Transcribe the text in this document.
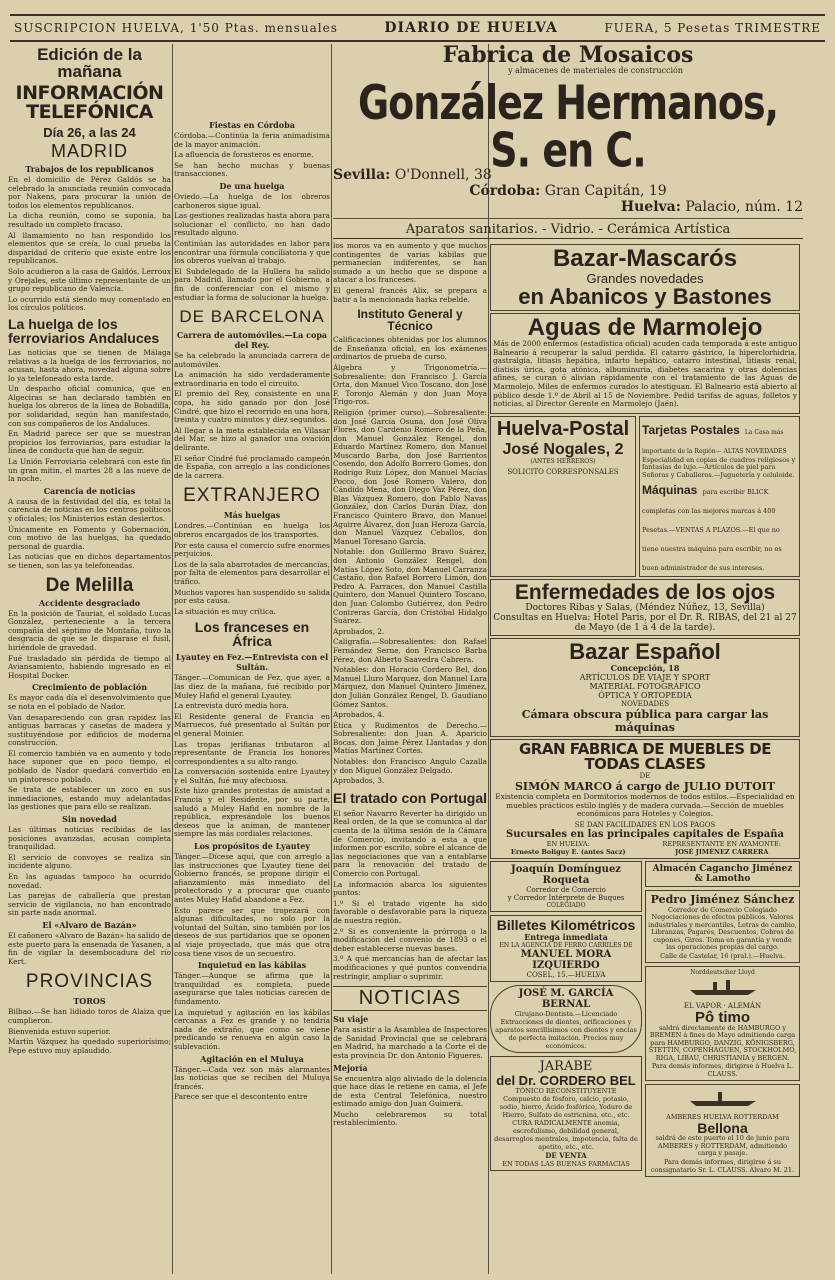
SUSCRIPCION HUELVA, 1'50 Ptas. mensuales	DIARIO DE HUELVA	FUERA, 5 Pesetas TRIMESTRE
Edición de la mañana
INFORMACIÓN TELEFÓNICA
Día 26, a las 24
MADRID
Trabajos de los republicanos

En el domicilio de Pérez Galdós se ha celebrado la anunciada reunión convocada por Nakens, para procurar la unión de todos los elementos republicanos.

La dicha reunión, como se suponía, ha resultado un completo fracaso.

Al llamamiento no han respondido los elementos que se creía, lo cual prueba la disparidad de criterio que existe entre los republicanos.

Solo acudieron a la casa de Galdós, Lerroux y Orejales, este último representante de un grupo republicano de Valencia.

Lo ocurrido está siendo muy comentado en los círculos políticos.

La huelga de los ferroviarios Andaluces

Las noticias que se tienen de Málaga relativas a la huelga de los ferroviarios, no acusan, hasta ahora, novedad alguna sobre lo ya telefoneado esta tarde.

Un despacho oficial comunica, que en Algeciras se han declarado también en huelga los obreros de la línea de Bobadilla, por solidaridad, según han manifestado, con sus compañeros de los Andaluces.

En Madrid parece ser que se muestran propicios los ferroviarios, para estudiar la línea de conducta que han de seguir.

La Unión Ferroviaria celebrará con este fin un gran mitin, el martes 28 a las nueve de la noche.

Carencia de noticias

A causa de la festividad del día, es total la carencia de noticias en los centros políticos y oficiales; los Ministerios están desiertos.

Únicamente en Fomento y Gobernación, con motivo de las huelgas, ha quedado personal de guardia.

Las noticias que en dichos departamentos se tienen, son las ya telefoneadas.

De Melilla
Accidente desgraciado

En la posición de Tauriat, el soldado Lucas González, perteneciente a la tercera compañía del séptimo de Montaña, tuvo la desgracia de que se le disparase el fusil, hiriéndole de gravedad.

Fué trasladado sin pérdida de tiempo al Aviansamiento, habiendo ingresado en el Hospital Docker.

Crecimiento de población

Es mayor cada día el desenvolvimiento que se nota en el poblado de Nador.

Van desapareciendo con gran rapidez las antiguas barracas y casetas de madera y sustituyéndose por edificios de moderna construcción.

El comercio también va en aumento y todo hace suponer que en poco tiempo, el poblado de Nador quedará convertido en un pintoresco poblado.

Se trata de establecer un zoco en sus inmediaciones, estando muy adelantadas las gestiones que para ello se realizan.

Sin novedad

Las últimas noticias recibidas de las posiciones avanzadas, acusan completa tranquilidad.

El servicio de convoyes se realiza sin incidente alguno.

En las aguadas tampoco ha ocurrido novedad.

Las parejas de caballería que prestan servicio de vigilancia, no han encontrado sin parte nada anormal.

El «Alvaro de Bazán»

El cañonero «Alvaro de Bazán» ha salido de este puerto para la ensenada de Yasanen, a fin de vigilar la desembocadura del río Kert.

PROVINCIAS
TOROS

Bilbao.—Se han lidiado toros de Alaiza que cumplieron.

Bienvenida estuvo superior.

Martín Vázquez ha quedado superiorísimo; Pepe estuvo muy aplaudido.

Fiestas en Córdoba

Córdoba.—Continúa la feria animadísima de la mayor animación.

La afluencia de forasteros es enorme.

Se han hecho muchas y buenas transacciones.

De una huelga

Oviedo.—La huelga de los obreros carboneros sigue igual.

Las gestiones realizadas hasta ahora para solucionar el conflicto, no han dado resultado alguno.

Continúan las autoridades en labor para encontrar una fórmula conciliatoria y que los obreros vuelvan al trabajo.

El Subdelegado de la Hullera ha salido para Madrid, llamado por el Gobierno, a fin de conferenciar con el mismo y estudiar la forma de solucionar la huelga.

DE BARCELONA
Carrera de automóviles.—La copa del Rey.

Se ha celebrado la anunciada carrera de automóviles.

La animación ha sido verdaderamente extraordinaria en todo el circuito.

El premio del Rey, consistente en una copa, ha sido ganado por don José Cindré, que hizo el recorrido en una hora, treinta y cuatro minutos y diez segundos.

Al llegar a la meta establecida en Vilasar del Mar, se hizo al ganador una ovación delirante.

El señor Cindré fué proclamado campeón de España, con arreglo a las condiciones de la carrera.

EXTRANJERO
Más huelgas

Londres.—Continúan en huelga los obreros encargados de los transportes.

Por esta causa el comercio sufre enormes perjuicios.

Los de la sala abarrotados de mercancías, por falta de elementos para desarrollar el tráfico.

Muchos vapores han suspendido su salida por esta causa.

La situación es muy crítica.

Los franceses en África
Lyautey en Fez.—Entrevista con el Sultán.

Tánger.—Comunican de Fez, que ayer, a las diez de la mañana, fué recibido por Muley Hafid el general Lyautey.

La entrevista duró media hora.

El Residente general de Francia en Marruecos, fué presentado al Sultán por el general Moinier.

Las tropas jerifianas tributaron al representante de Francia los honores correspondientes a su alto rango.

La conversación sostenida entre Lyautey y el Sultán, fué muy afectuosa.

Este hizo grandes protestas de amistad a Francia y el Residente, por su parte, saludó a Muley Hafid en nombre de la república, expresándole los buenos deseos que la animan, de mantener siempre las más cordiales relaciones.

Los propósitos de Lyautey

Tánger.—Dícese aquí, que con arreglo a las instrucciones que Lyautey tiene del Gobierno francés, se propone dirigir el afianzamiento más inmediato del protectorado y a procurar que cuanto antes Muley Hafid abandone a Fez.

Esto parece ser que tropezará con algunas dificultades, no solo por la voluntad del Sultán, sino también por los deseos de sus partidarios que se oponen al viaje proyectado, que más que otra cosa tiene visos de un secuestro.

Inquietud en las kábilas

Tánger.—Aunque se afirma que la tranquilidad es completa, puede asegurarse que tales noticias carecen de fundamento.

La inquietud y agitación en las kábilas cercanas a Fez es grande y no tendría nada de extraño, que como se viene predicando se renueva en algún caso la sublevación.

Agitación en el Muluya

Tánger.—Cada vez son más alarmantes las noticias que se reciben del Muluya francés.

Parece ser que el descontento entre

Fabrica de Mosaicos
y almacenes de materiales de construcción
González Hermanos, S. en C.
Sevilla: O'Donnell, 38
Córdoba: Gran Capitán, 19
Huelva: Palacio, núm. 12
Aparatos sanitarios. - Vidrio. - Cerámica Artística

los moros va en aumento y que muchos contingentes de varias kábilas que permanecían indiferentes, se han sumado a un hecho que se dispone a atacar a los franceses.

El general francés Alix, se prepara a batir a la mencionada harka rebelde.

Instituto General y Técnico

Calificaciones obtenidas por los alumnos de Enseñanza oficial, en los exámenes ordinarios de prueba de curso.

Álgebra y Trigonometría.—Sobresaliente: don Francisco J. García Orta, don Manuel Vico Toscano, don José F. Toronjo Alemán y don Juan Moya Trigo-ros.

Religión (primer curso).—Sobresaliente: don José García Osuna, don José Oliva Flores, don Cardenio Romero de la Peña, don Manuel González Rengel, don Eduardo Martínez Romero, don Manuel Muscardo Barba, don José Barrientos Cosendo, don Adolfo Borrero Gomes, don Rodrigo Ruiz López, don Manuel Macías Pocco, don José Romero Valero, don Cándido Mena, don Diego Vaz Pérez, don Blas Vázquez Romero, don Pablo Navas González, don Carlos Durán Díaz, don Francisco Quintero Bravo, don Manuel Aguirre Álvarez, don Juan Heroza García, don Manuel Vázquez Ceballos, don Manuel Toresano García.

Notable: don Guillermo Bravo Suárez, don Antonio González Rengel, don Matías López Soto, don Manuel Carranza Castaño, don Rafael Borrero Limón, don Pedro A. Farraces, don Manuel Castilla Quintero, don Manuel Quintero Toscano, don Juan Colombo Gutiérrez, don Pedro Contreras García, don Cristóbal Hidalgo Suárez.

Aprobados, 2.

Caligrafía.—Sobresalientes: don Rafael Fernández Serne, don Francisco Barba Pérez, don Alberto Saavedra Cabrera.

Notables: don Horacio Cordero Bel, don Manuel Lluro Marquez, don Manuel Lara Márquez, don Manuel Quintero Jiménez, don Julián González Rengel, D. Gaudiano Gómez Santos.

Aprobados, 4.

Ética y Rudimentos de Derecho.—Sobresaliente: don Juan A. Aparicio Bocas, don Jaime Pérez Llantadas y don Matías Martínez Cortés.

Notables: don Francisco Angulo Cazalla y don Miguel González Delgado.

Aprobados, 3.

El tratado con Portugal

El señor Navarro Reverter ha dirigido un Real orden, de la que se comunica al dar cuenta de la última sesión de la Cámara de Comercio, invitando a esta a que informen por escrito, sobre el alcance de las negociaciones que van a entablarse para la renovación del tratado de Comercio con Portugal.

La información abarca los siguientes puntos:

1.º Si el tratado vigente ha sido favorable o desfavorable para la riqueza de nuestra región.

2.º Si es conveniente la prórroga o la modificación del convenio de 1893 o el deber establecerse nuevas bases.

3.º A qué mercancías han de afectar las modificaciones y qué puntos convendría restringir, ampliar o suprimir.

NOTICIAS
Su viaje

Para asistir a la Asamblea de Inspectores de Sanidad Provincial que se celebrará en Madrid, ha marchado a la Corte el de esta provincia Dr. don Antonio Figueres.

Mejoría

Se encuentra algo aliviado de la dolencia que hace días le retiene en cama, el Jefe de esta Central Telefónica, nuestro estimado amigo don Juan Guimerá.

Mucho celebraremos su total restablecimiento.

Bazar-Mascarós
Grandes novedades
en Abanicos y Bastones
Aguas de Marmolejo
Más de 2000 enfermos (estadística oficial) acuden cada temporada á este antiguo Balneario á recuperar la salud perdida. El catarro gástrico, la hiperclorhidria, gastralgia, litiasis hepática, infarto hepático, catarro intestinal, litiasis renal, diatisis úrica, gota atónica, albuminuria, diabetes sacarina y otras dolencias afines, se curan ó alivian rápidamente con el tratamiento de las Aguas de Marmolejo. Miles de enfermos curados lo atestiguan. El Balneario está abierto al público desde 1.º de Abril al 15 de Noviembre. Pedid tarifas de aguas, folletos y noticias, al Director Gerente en Marmolejo (Jaén).
Huelva-Postal
José Nogales, 2
(ANTES HERREROS)
SOLICITO CORRESPONSALES
Tarjetas Postales La Casa más importante de la Región— ALTAS NOVEDADES
Especialidad en copias de cuadros religiosos y fantasías de lujo.—Artículos de piel para Señoras y Caballeros.—Juguetería y celuloide.
Máquinas para escribir BLICK completas con las mejores marcas á 400 Pesetas.—VENTAS A PLAZOS.—El que no tiene nuestra máquina para escribir, no es buen administrador de sus intereses.
Enfermedades de los ojos
Doctores Ribas y Salas, (Méndez Núñez, 13, Sevilla)
Consultas en Huelva: Hotel Paris, por el Dr. R. RIBAS, del 21 al 27 de Mayo (de 1 á 4 de la tarde).
Bazar Español
Concepción, 18
ARTÍCULOS DE VIAJE Y SPORT
MATERIAL FOTOGRÁFICO
ÓPTICA Y ORTOPEDIA
NOVEDADES
Cámara obscura pública para cargar las máquinas
GRAN FABRICA DE MUEBLES DE TODAS CLASES
DE
SIMÓN MARCO á cargo de JULIO DUTOIT
Existencia completa en Dormitorios modernos de todos estilos.—Especialidad en muebles prácticos estilo inglés y de madera curvada.—Sección de muebles económicos para Hoteles y Colegios.
SE DAN FACILIDADES EN LOS PAGOS
Sucursales en las principales capitales de España
EN HUELVA:
Ernesto Boliguy E. (antes Sacz)
REPRESENTANTE EN AYAMONTE:
JOSÉ JIMÉNEZ CARRERA
Joaquín Domínguez Roqueta
Corredor de Comercio
y Corredor Intérprete de Buques
COLEGIADO
Billetes Kilométricos
Entrega inmediata
EN LA AGENCIA DE FERRO CARRILES DE
MANUEL MORA IZQUIERDO
COSEL, 15.—HUELVA
JOSÉ M. GARCÍA BERNAL
Cirujano-Dentista.—Licenciado
Extracciones de dientes, orificaciones y aparatos sencillísimos con dientes y encías de perfecta imitación. Precios muy económicos.
JARABE
del Dr. CORDERO BEL
TÓNICO RECONSTITUYENTE
Compuesto de fósforo, calcio, potasio, sodio, hierro, Ácido fosfórico, Yoduro de Hierro, Sulfato de estricnina, etc., etc.
CURA RADICALMENTE anemia, escrofulismo, debilidad general, desarreglos mentrales, impotencia, falta de apetito, etc., etc.
DE VENTA
EN TODAS LAS BUENAS FARMACIAS
Almacén Cagancho Jiménez & Lamotho
Pedro Jiménez Sánchez
Corredor de Comercio Colegiado
Negociaciones de efectos públicos. Valores industriales y mercantiles, Letras de cambio, Libranzas, Pagarés, Descuentos, Cobros de cupones, Giros. Toma en garantía y vende las operaciones propias del cargo.
Calle de Castelar, 16 (pral.).—Huelva.
Norddeutscher Lloyd
EL VAPOR · ALEMÁN
Pô timo
saldrá directamente de HAMBURGO y BREMEN á fines de Mayo admitiendo carga para HAMBURGO, DANZIG, KÖNIGSBERG, STETTIN, COPENHAGUEN, STOCKHOLMO, RIGA, LIBAU, CHRISTIANIA y BERGEN.
Para demás informes, dirigirse á Huelva L. CLAUSS.
AMBERES HUELVA ROTTERDAM
Bellona
saldrá de este puerto el 10 de junio para AMBERES y ROTTERDAM, admitiendo carga y pasaje.
Para demás informes, dirigirse á su consignatario Sr. L. CLAUSS. Alvaro M. 21.
